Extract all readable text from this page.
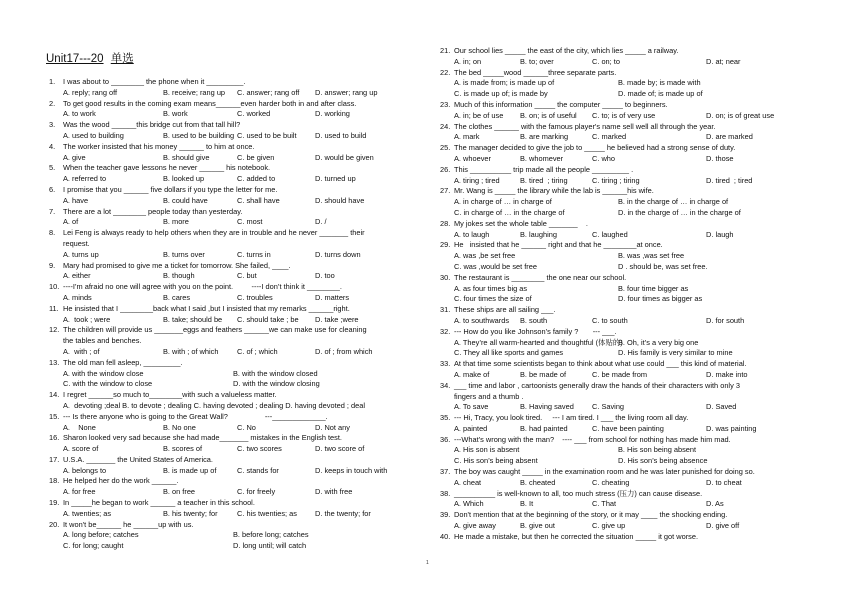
Unit17---20 单选
1. I was about to ________ the phone when it _________.
A. reply; rang off	B. receive; rang up C. answer; rang off D. answer; rang up
2. To get good results in the coming exam means______even harder both in and after class.
A. to work	B. work	C. worked	D. working
3. Was the wood ______this bridge cut from that tall hill?
A. used to building	B. used to be building C. used to be built D. used to build
4. The worker insisted that his money ______ to him at once.
A. give	B. should give	C. be given	D. would be given
5. When the teacher gave lessons he never ______ his notebook.
A. referred to	B. looked up	C. added to	D. turned up
6. I promise that you ______ five dollars if you type the letter for me.
A. have	B. could have	C. shall have	D. should have
7. There are a lot ________ people today than yesterday.
A. of	B. more	C. most	D. /
8. Lei Feng is always ready to help others when they are in trouble and he never _______ their
request.
A. turns up	B. turns over	C. turns in	D. turns down
9. Mary had promised to give me a ticket for tomorrow. She failed, ____.
A. either	B. though	C. but	D. too
10. ----I’m afraid no one will agree with you on the point.         ----I don’t think it ________.
A. minds	B. cares	C. troubles	D. matters
11. He insisted that I ________back what I said ,but I insisted that my remarks ______right.
A.  took ; were	B. take; should be C. should take ; be D. take ;were
12. The children will provide us _______eggs and feathers ______we can make use for cleaning
the tables and benches.
A.  with ; of	B. with ; of which	C. of ; which	D. of ; from which
13. The old man fell asleep, _________.
A. with the window close	B. with the window closed
C. with the window to close	D. with the window closing
14. I regret ______so much to________with such a valueless matter.
A.  devoting ;deal B. to devote ; dealing C. having devoted ; dealing D. having devoted ; deal
15. --- Is there anyone who is going to the Great Wall?                  ---_____________.
A.    None	B. No one	C. No	D. Not any
16. Sharon looked very sad because she had made_______ mistakes in the English test.
A. score of	B. scores of	C. two scores	D. two score of
17. U.S.A. _______ the United States of America.
A. belongs to	B. is made up of	C. stands for	D. keeps in touch with
18. He helped her do the work ______.
A. for free	B. on free	C. for freely	D. with free
19. In _____he began to work ______ a teacher in this school.
A. twenties; as	B. his twenty; for	C. his twenties; as D. the twenty; for
20. It won't be______ he ______up with us.
A. long before; catches	B. before long; catches
C. for long; caught	D. long until; will catch
21. Our school lies _____ the east of the city, which lies _____ a railway.
A. in; on	B. to; over	C. on; to	D. at; near
22. The bed _____wood ______three separate parts.
A. is made from; is made up of	B. made by; is made with
C. is made up of; is made by	D. made of; is made up of
23. Much of this information _____ the computer _____ to beginners.
A. in; be of use B. on; is of useful C. to; is of very use	D. on; is of great use
24. The clothes ______ with the famous player's name sell well all through the year.
A. mark	B. are marking	C. marked	D. are marked
25. The manager decided to give the job to _____ he believed had a strong sense of duty.
A. whoever	B. whomever	C. who	D. those
26. This __________ trip made all the people _________ .
A. tiring ; tired	B. tired  ; tiring	C. tiring ; tiring	D. tired  ; tired
27. Mr. Wang is _____ the library while the lab is ______his wife.
A. in charge of … in charge of	B. in the charge of … in charge of
C. in charge of … in the charge of	D. in the charge of … in the charge of
28. My jokes set the whole table _______    .
A. to laugh	B. laughing	C. laughed	D. laugh
29. He   insisted that he ______ right and that he ________at once.
A. was ,be set free	B. was ,was set free
C. was ,would be set free	D . should be, was set free.
30. The restaurant is ________ the one near our school.
A. as four times big as	B. four time bigger as
C. four times the size of	D. four times as bigger as
31. These ships are all sailing ___.
A. to southwards B. south	C. to south	D. for south
32. --- How do you like Johnson’s family ?       --- ___.
A. They’re all warm-hearted and thoughtful (体贴的)B. Oh, it’s a very big one
C. They all like sports and games	D. His family is very similar to mine
33. At that time some scientists began to think about what use could ___ this kind of material.
A. make of	B. be made of	C. be made from	D. make into
34. ___ time and labor , cartoonists generally draw the hands of their characters with only 3
fingers and a thumb .
A. To save	B. Having saved C. Saving	D. Saved
35. --- Hi, Tracy, you look tired.     --- I am tired. I ___ the living room all day.
A. painted	B. had painted	C. have been painting	D. was painting
36. ---What’s wrong with the man?    ---- ___ from school for nothing has made him mad.
A. His son is absent	B. His son being absent
C. His son’s being absent	D. His son’s being absence
37. The boy was caught _____ in the examination room and he was later punished for doing so.
A. cheat	B. cheated	C. cheating	D. to cheat
38. __________ is well-known to all, too much stress (压力) can cause disease.
A. Which	B. It	C. That	D. As
39. Don't mention that at the beginning of the story, or it may ____ the shocking ending.
A. give away	B. give out	C. give up	D. give off
40. He made a mistake, but then he corrected the situation _____ it got worse.
1
